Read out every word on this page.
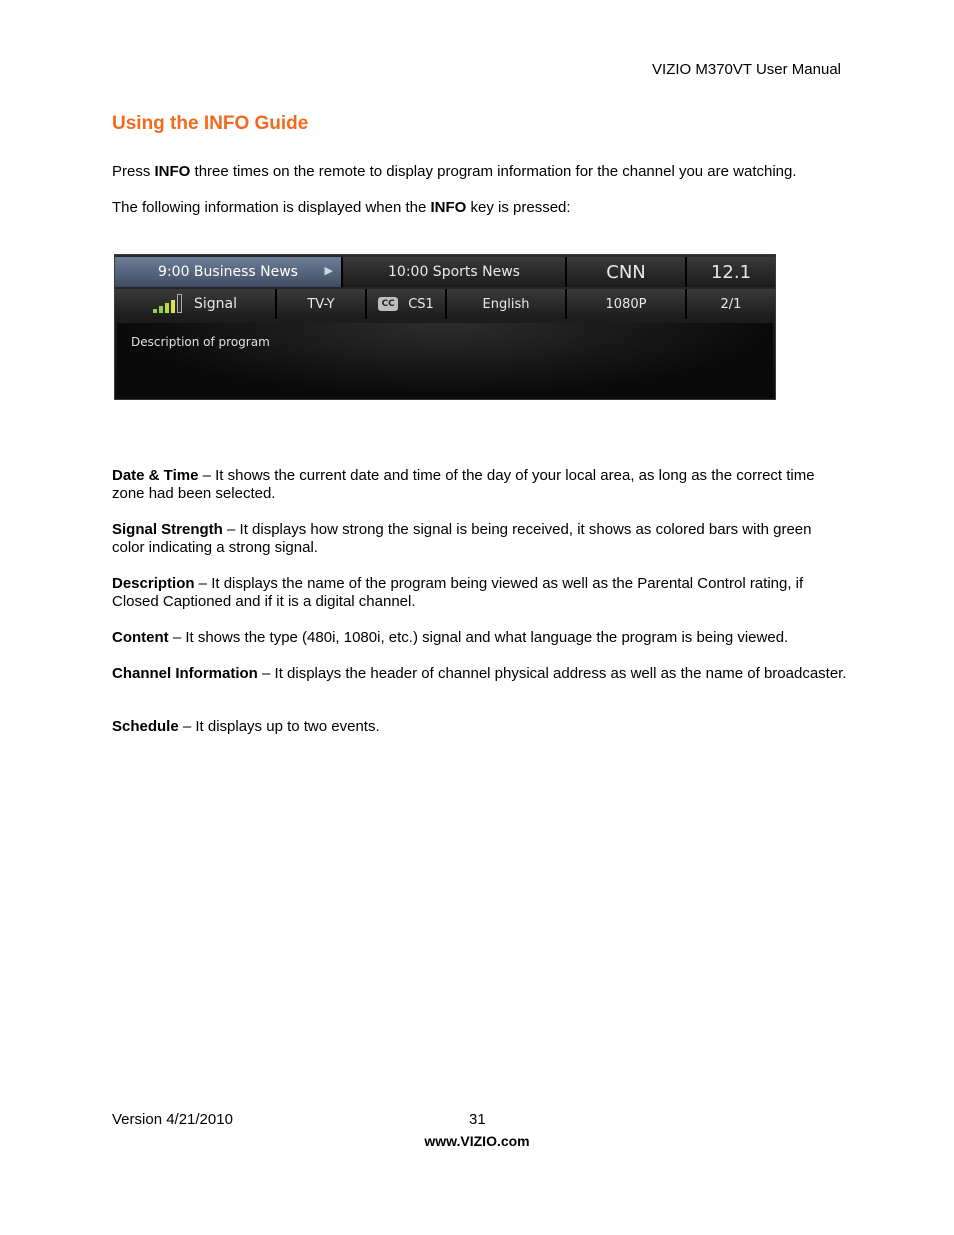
VIZIO M370VT User Manual
Using the INFO Guide

Press INFO three times on the remote to display program information for the channel you are watching.

The following information is displayed when the INFO key is pressed:

9:00 Business News ▶	10:00 Sports News	CNN	12.1
Signal	TV-Y	CC CS1	English	1080P	2/1
Description of program

Date & Time – It shows the current date and time of the day of your local area, as long as the correct time zone had been selected.

Signal Strength – It displays how strong the signal is being received, it shows as colored bars with green color indicating a strong signal.

Description – It displays the name of the program being viewed as well as the Parental Control rating, if Closed Captioned and if it is a digital channel.

Content – It shows the type (480i, 1080i, etc.) signal and what language the program is being viewed.

Channel Information – It displays the header of channel physical address as well as the name of broadcaster.

Schedule – It displays up to two events.

Version 4/21/2010	31
www.VIZIO.com
